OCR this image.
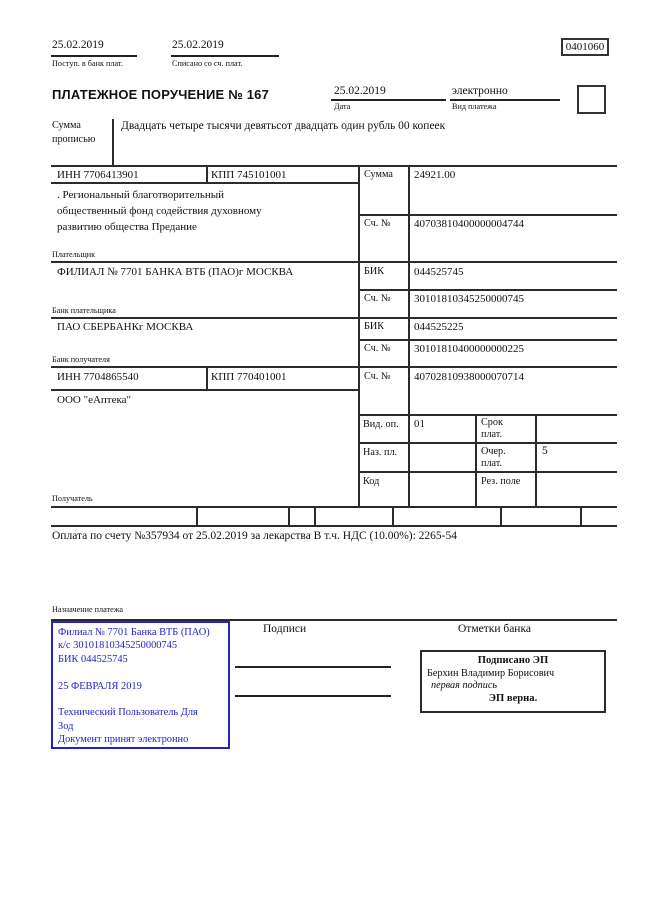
25.02.2019
Поступ. в банк плат.
25.02.2019
Списано со сч. плат.
0401060
ПЛАТЕЖНОЕ ПОРУЧЕНИЕ № 167	25.02.2019
Дата
электронно
Вид платежа
Сумма
прописью
Двадцать четыре тысячи девятьсот двадцать один рубль 00 копеек
ИНН 7706413901	КПП 745101001
. Региональный благотворительный
общественный фонд содействия духовному
развитию общества Предание
Плательщик
Сумма 24921.00
Сч. № 40703810400000004744
ФИЛИАЛ № 7701 БАНКА ВТБ (ПАО)г МОСКВА
Банк плательщика
БИК	044525745
Сч. № 30101810345250000745
ПАО СБЕРБАНКг МОСКВА
Банк получателя
БИК	044525225
Сч. № 30101810400000000225
ИНН 7704865540	КПП 770401001
ООО "еАптека"
Получатель
Сч. № 40702810938000070714
Вид. оп. 01	Срок
плат.
Наз. пл.	Очер.
плат.
5
Код	Рез. поле
Оплата по счету №357934 от 25.02.2019 за лекарства В т.ч. НДС (10.00%): 2265-54
Назначение платежа
Филиал № 7701 Банка ВТБ (ПАО)
к/с 30101810345250000745
БИК 044525745
25 ФЕВРАЛЯ 2019
Технический Пользователь Для
Зод
Документ принят электронно
Подписи	Отметки банка
Подписано ЭП
Берхин Владимир Борисович
первая подпись
ЭП верна.
